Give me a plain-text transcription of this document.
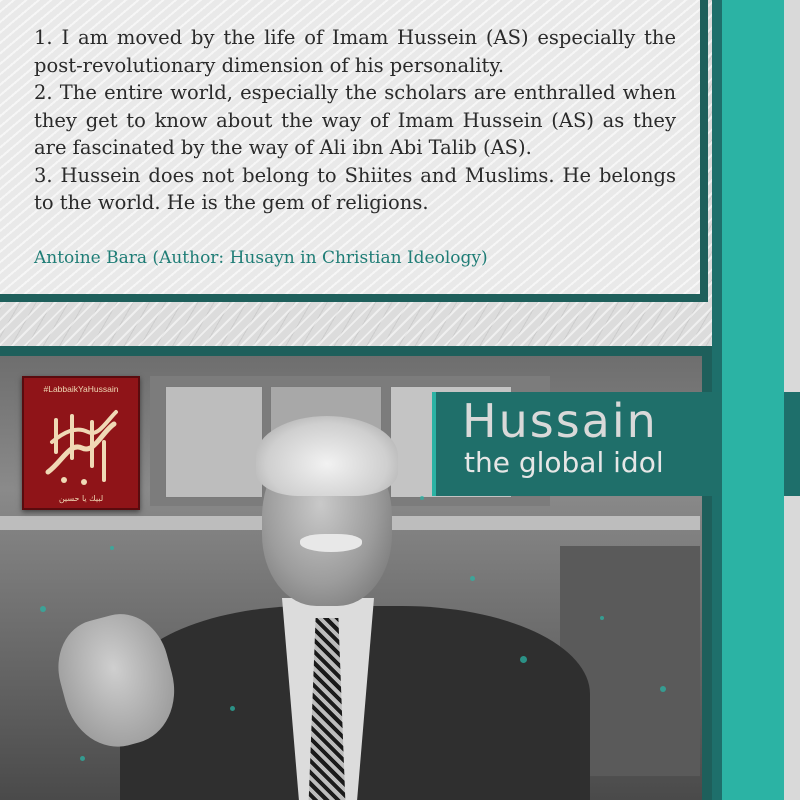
1. I am moved by the life of Imam Hussein (AS) especially the post-revolutionary dimension of his personality.

2. The entire world, especially the scholars are enthralled when they get to know about the way of Imam Hussein (AS) as they are fascinated by the way of Ali ibn Abi Talib (AS).

3. Hussein does not belong to Shiites and Muslims. He belongs to the world. He is the gem of religions.

Antoine Bara (Author: Husayn in Christian Ideology)
#LabbaikYaHussain
لبيك يا حسين
Hussain
the global idol
